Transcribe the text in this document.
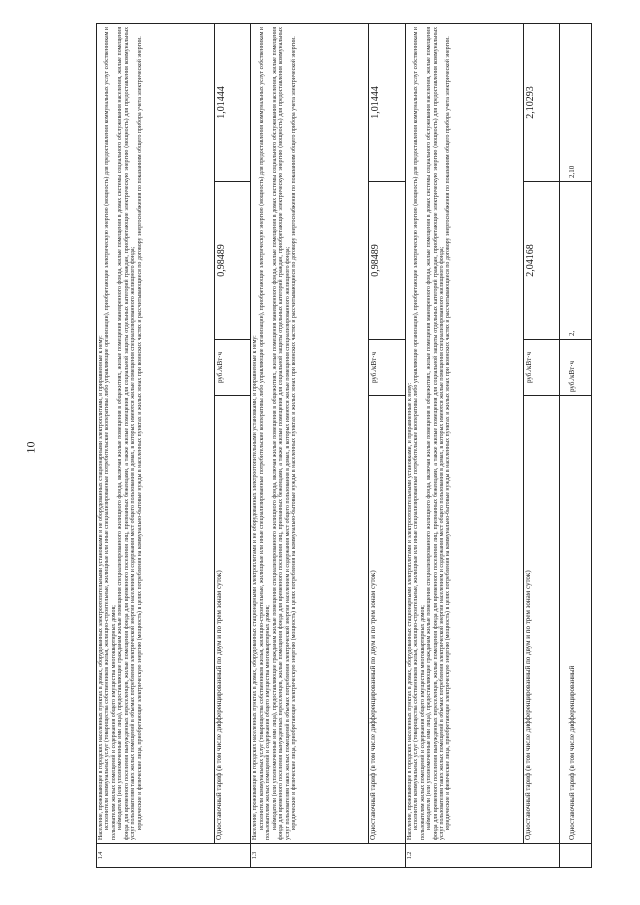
10
1.4	Население, проживающее в городских населенных пунктах в домах, оборудованных электроотопительными установками и не оборудованных стационарными электроплитами, и приравненные к нему: исполнители коммунальных услуг (товарищества собственников жилья, жилищно-строительные, жилищные или иные специализированные потребительские кооперативы либо управляющие организации), приобретающие электрическую энергию (мощность) для предоставления коммунальных услуг собственникам и пользователям жилых помещений и содержания общего имущества многоквартирных домов; наймодатели (или уполномоченные ими лица), предоставляющие гражданам жилые помещения специализированного жилищного фонда, включая жилые помещения в общежитиях, жилые помещения маневренного фонда, жилые помещения в домах системы социального обслуживания населения, жилые помещения фонда для временного поселения вынужденных переселенцев, жилые помещения фонда для временного поселения лиц, признанных беженцами, а также жилые помещения для социальной защиты отдельных категорий граждан, приобретающие электрическую энергию (мощность) для предоставления коммунальных услуг пользователям таких жилых помещений в объемах потребления электрической энергии населением и содержания мест общего пользования в домах, в которых имеются жилые помещения специализированного жилищного фонда; юридические и физические лица, приобретающие электрическую энергию (мощность) в целях потребления на коммунально-бытовые нужды в населенных пунктах и жилых зонах при воинских частях и рассчитывающиеся по договору энергоснабжения по показаниям общего прибора учета электрической энергии.			

	Одноставочный тариф (в том числе дифференцированный по двум и по трем зонам суток)	руб./кВт·ч	0,98489	1,01444
1.3	Население, проживающее в городских населенных пунктах в домах, оборудованных стационарными электроплитами и не оборудованных электроотопительными установками, и приравненные к нему: исполнители коммунальных услуг (товарищества собственников жилья, жилищно-строительные, жилищные или иные специализированные потребительские кооперативы либо управляющие организации), приобретающие электрическую энергию (мощность) для предоставления коммунальных услуг собственникам и пользователям жилых помещений и содержания общего имущества многоквартирных домов; наймодатели (или уполномоченные ими лица), предоставляющие гражданам жилые помещения специализированного жилищного фонда, включая жилые помещения в общежитиях, жилые помещения маневренного фонда, жилые помещения в домах системы социального обслуживания населения, жилые помещения фонда для временного поселения вынужденных переселенцев, жилые помещения фонда для временного поселения лиц, признанных беженцами, а также жилые помещения для социальной защиты отдельных категорий граждан, приобретающие электрическую энергию (мощность) для предоставления коммунальных услуг пользователям таких жилых помещений в объемах потребления электрической энергии населением и содержания мест общего пользования в домах, в которых имеются жилые помещения специализированного жилищного фонда; юридические и физические лица, приобретающие электрическую энергию (мощность) в целях потребления на коммунально-бытовые нужды в населенных пунктах и жилых зонах при воинских частях и рассчитывающиеся по договору энергоснабжения по показаниям общего прибора учета электрической энергии.			

	Одноставочный тариф (в том числе дифференцированный по двум и по трем зонам суток)	руб./кВт·ч	0,98489	1,01444
1.2	Население, проживающее в городских населенных пунктах в домах, оборудованных стационарными электроплитами и электроотопительными установками, и приравненные к нему: исполнители коммунальных услуг (товарищества собственников жилья, жилищно-строительные, жилищные или иные специализированные потребительские кооперативы либо управляющие организации), приобретающие электрическую энергию (мощность) для предоставления коммунальных услуг собственникам и пользователям жилых помещений и содержания общего имущества многоквартирных домов; наймодатели (или уполномоченные ими лица), предоставляющие гражданам жилые помещения специализированного жилищного фонда, включая жилые помещения в общежитиях, жилые помещения маневренного фонда, жилые помещения в домах системы социального обслуживания населения, жилые помещения фонда для временного поселения вынужденных переселенцев, жилые помещения фонда для временного поселения лиц, признанных беженцами, а также жилые помещения для социальной защиты отдельных категорий граждан, приобретающие электрическую энергию (мощность) для предоставления коммунальных услуг пользователям таких жилых помещений в объемах потребления электрической энергии населением и содержания мест общего пользования в домах, в которых имеются жилые помещения специализированного жилищного фонда; юридические и физические лица, приобретающие электрическую энергию (мощность) в целях потребления на коммунально-бытовые нужды в населенных пунктах и жилых зонах при воинских частях и рассчитывающиеся по договору энергоснабжения по показаниям общего прибора учета электрической энергии.			

	Одноставочный тариф (в том числе дифференцированный по двум и по трем зонам суток)	руб./кВт·ч	2,04168	2,10293
	Одноставочный тариф (в том числе дифференцированный	руб./кВт·ч	2,	2,10
